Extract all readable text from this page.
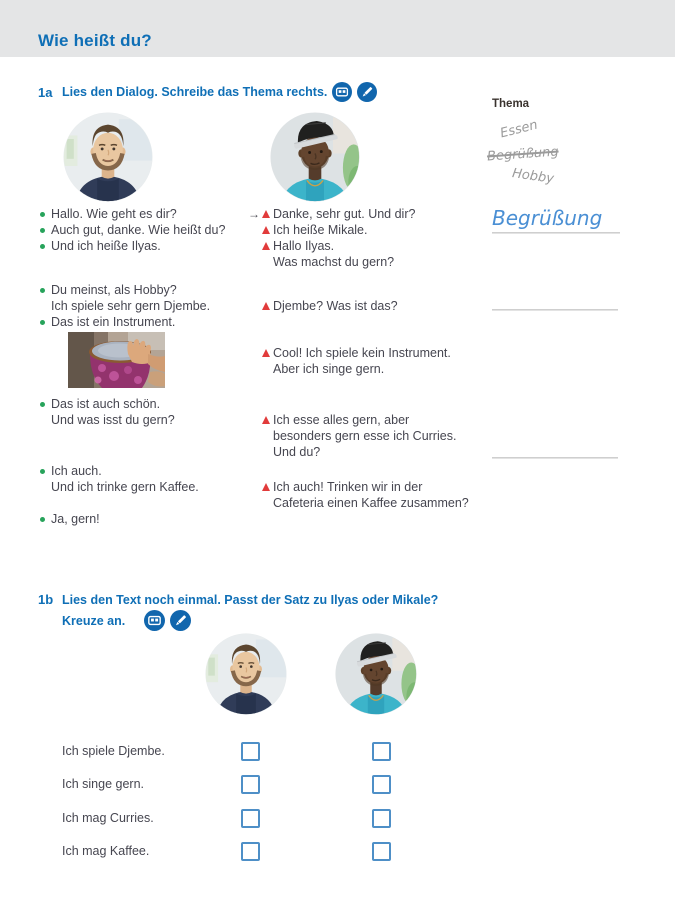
Wie heißt du?
1a Lies den Dialog. Schreibe das Thema rechts.
Thema
Essen
Begrüßung
Hobby
Begrüßung
Hallo. Wie geht es dir?
Auch gut, danke. Wie heißt du?
Und ich heiße Ilyas.
Du meinst, als Hobby?
Ich spiele sehr gern Djembe.
Das ist ein Instrument.
Das ist auch schön.
Und was isst du gern?
Ich auch.
Und ich trinke gern Kaffee.
Ja, gern!
→ Danke, sehr gut. Und dir?
Ich heiße Mikale.
Hallo Ilyas.
Was machst du gern?
Djembe? Was ist das?
Cool! Ich spiele kein Instrument.
Aber ich singe gern.
Ich esse alles gern, aber
besonders gern esse ich Curries.
Und du?
Ich auch! Trinken wir in der
Cafeteria einen Kaffee zusammen?
1b Lies den Text noch einmal. Passt der Satz zu Ilyas oder Mikale?
Kreuze an.
Ich spiele Djembe.
Ich singe gern.
Ich mag Curries.
Ich mag Kaffee.
